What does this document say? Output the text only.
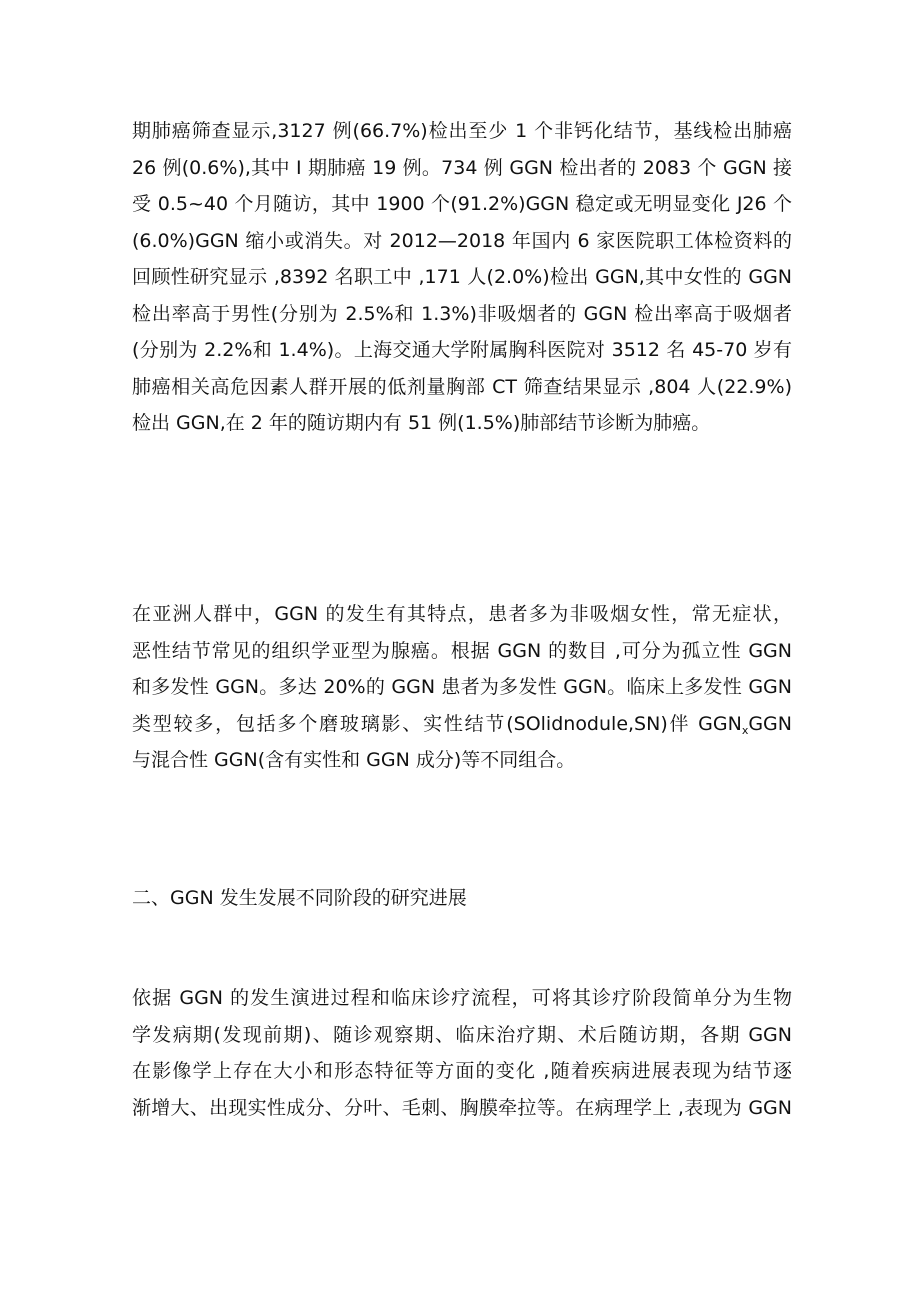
期肺癌筛查显示,3127 例(66.7%)检出至少 1 个非钙化结节，基线检出肺癌
26 例(0.6%),其中 I 期肺癌 19 例。734 例 GGN 检出者的 2083 个 GGN 接
受 0.5~40 个月随访，其中 1900 个(91.2%)GGN 稳定或无明显变化 J26 个
(6.0%)GGN 缩小或消失。对 2012—2018 年国内 6 家医院职工体检资料的
回顾性研究显示 ,8392 名职工中 ,171 人(2.0%)检出 GGN,其中女性的 GGN
检出率高于男性(分别为 2.5%和 1.3%)非吸烟者的 GGN 检出率高于吸烟者
(分别为 2.2%和 1.4%)。上海交通大学附属胸科医院对 3512 名 45-70 岁有
肺癌相关高危因素人群开展的低剂量胸部 CT 筛查结果显示 ,804 人(22.9%)
检出 GGN,在 2 年的随访期内有 51 例(1.5%)肺部结节诊断为肺癌。
在亚洲人群中，GGN 的发生有其特点，患者多为非吸烟女性，常无症状，
恶性结节常见的组织学亚型为腺癌。根据 GGN 的数目 ,可分为孤立性 GGN
和多发性 GGN。多达 20%的 GGN 患者为多发性 GGN。临床上多发性 GGN
类型较多，包括多个磨玻璃影、实性结节(SOlidnodule,SN)伴 $GGN_xGGN$
与混合性 GGN(含有实性和 GGN 成分)等不同组合。
二、GGN 发生发展不同阶段的研究进展
依据 GGN 的发生演进过程和临床诊疗流程，可将其诊疗阶段简单分为生物
学发病期(发现前期)、随诊观察期、临床治疗期、术后随访期，各期 GGN
在影像学上存在大小和形态特征等方面的变化 ,随着疾病进展表现为结节逐
渐增大、出现实性成分、分叶、毛刺、胸膜牵拉等。在病理学上 ,表现为 GGN
